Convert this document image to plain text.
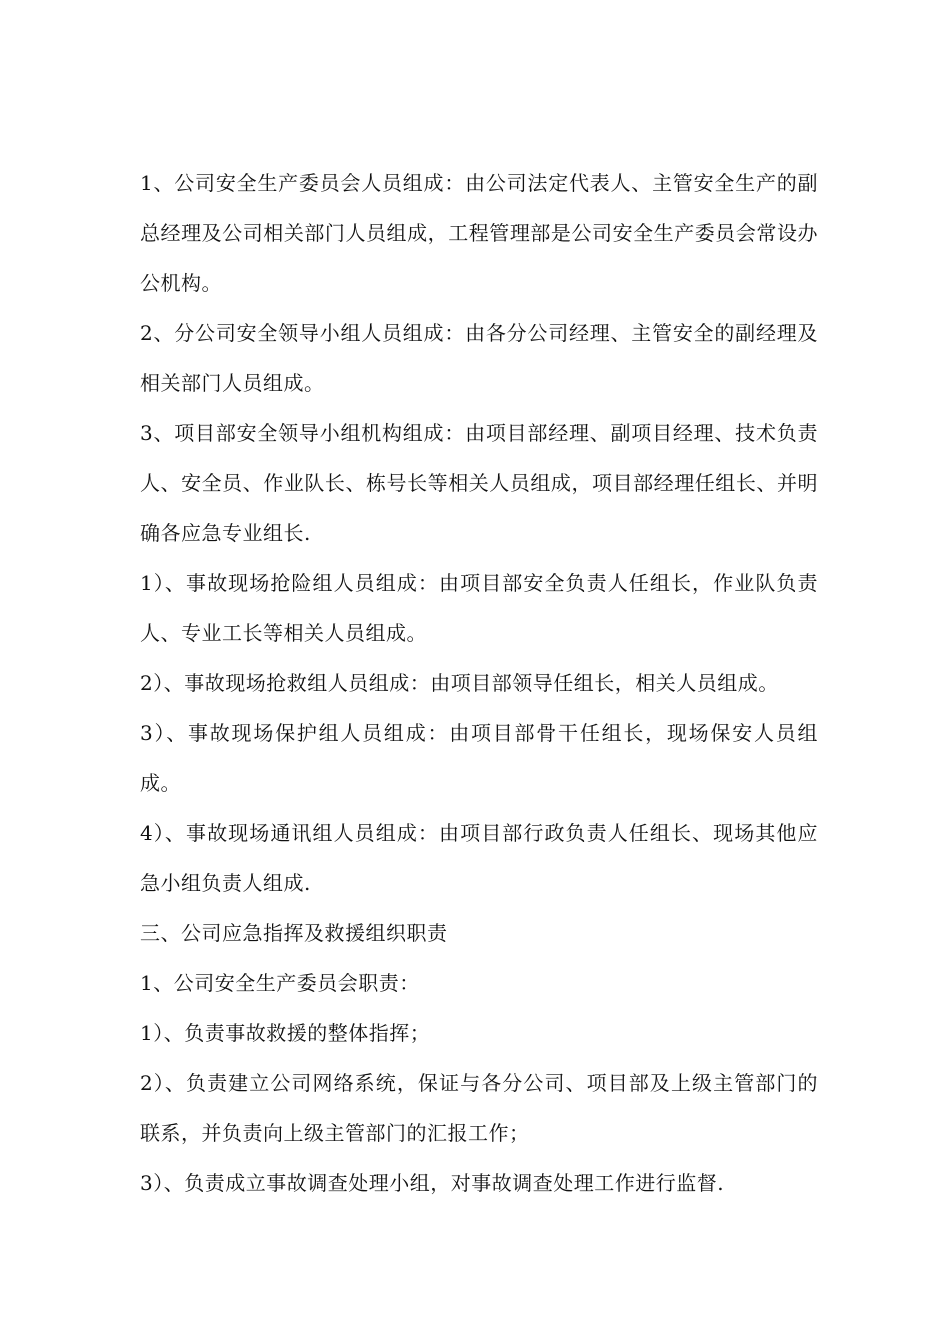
1、公司安全生产委员会人员组成：由公司法定代表人、主管安全生产的副总经理及公司相关部门人员组成，工程管理部是公司安全生产委员会常设办公机构。

2、分公司安全领导小组人员组成：由各分公司经理、主管安全的副经理及相关部门人员组成。

3、项目部安全领导小组机构组成：由项目部经理、副项目经理、技术负责人、安全员、作业队长、栋号长等相关人员组成，项目部经理任组长、并明确各应急专业组长.

1）、事故现场抢险组人员组成：由项目部安全负责人任组长，作业队负责人、专业工长等相关人员组成。

2）、事故现场抢救组人员组成：由项目部领导任组长，相关人员组成。

3）、事故现场保护组人员组成：由项目部骨干任组长，现场保安人员组成。

4）、事故现场通讯组人员组成：由项目部行政负责人任组长、现场其他应急小组负责人组成.

三、公司应急指挥及救援组织职责

1、公司安全生产委员会职责：

1）、负责事故救援的整体指挥；

2）、负责建立公司网络系统，保证与各分公司、项目部及上级主管部门的联系，并负责向上级主管部门的汇报工作；

3）、负责成立事故调查处理小组，对事故调查处理工作进行监督.
